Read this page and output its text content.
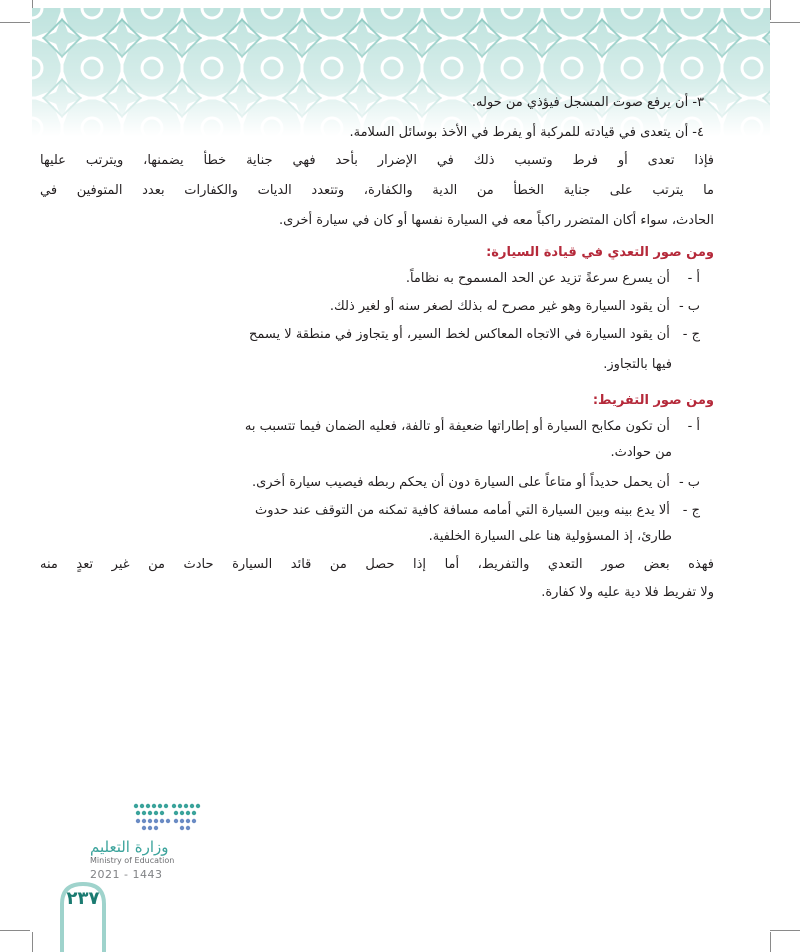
٣- أن يرفع صوت المسجل فيؤذي من حوله.
٤- أن يتعدى في قيادته للمركبة أو يفرط في الأخذ بوسائل السلامة.
فإذا تعدى أو فرط وتسبب ذلك في الإضرار بأحد فهي جناية خطأ يضمنها، ويترتب عليها
ما يترتب على جناية الخطأ من الدية والكفارة، وتتعدد الديات والكفارات بعدد المتوفين في
الحادث، سواء أكان المتضرر راكباً معه في السيارة نفسها أو كان في سيارة أخرى.
ومن صور التعدي في قيادة السيارة:
أ - أن يسرع سرعةً تزيد عن الحد المسموح به نظاماً.
ب - أن يقود السيارة وهو غير مصرح له بذلك لصغر سنه أو لغير ذلك.
ج - أن يقود السيارة في الاتجاه المعاكس لخط السير، أو يتجاوز في منطقة لا يسمح
فيها بالتجاوز.
ومن صور التفريط:
أ - أن تكون مكابح السيارة أو إطاراتها ضعيفة أو تالفة، فعليه الضمان فيما تتسبب به
من حوادث.
ب - أن يحمل حديداً أو متاعاً على السيارة دون أن يحكم ربطه فيصيب سيارة أخرى.
ج - ألا يدع بينه وبين السيارة التي أمامه مسافة كافية تمكنه من التوقف عند حدوث
طارئ، إذ المسؤولية هنا على السيارة الخلفية.
فهذه بعض صور التعدي والتفريط، أما إذا حصل من قائد السيارة حادث من غير تعدٍ منه
ولا تفريط فلا دية عليه ولا كفارة.
وزارة التعليم
Ministry of Education
2021 - 1443
٢٣٧
